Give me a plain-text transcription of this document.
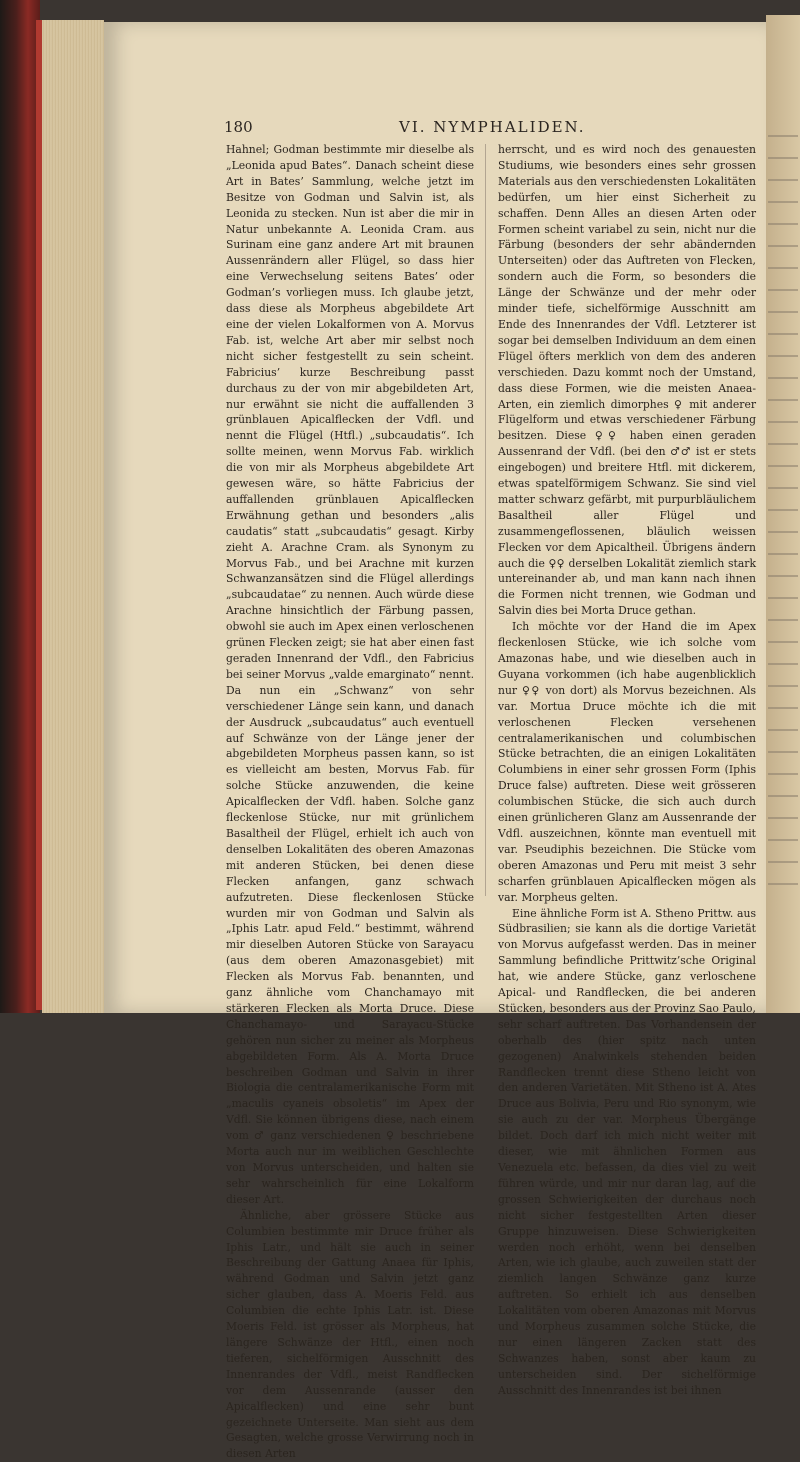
180	VI. NYMPHALIDEN.

Hahnel; Godman bestimmte mir dieselbe als „Leonida apud Bates“. Danach scheint diese Art in Bates’ Sammlung, welche jetzt im Besitze von Godman und Salvin ist, als Leonida zu stecken. Nun ist aber die mir in Natur unbekannte A. Leonida Cram. aus Surinam eine ganz andere Art mit braunen Aussenrändern aller Flügel, so dass hier eine Verwechselung seitens Bates’ oder Godman’s vorliegen muss. Ich glaube jetzt, dass diese als Morpheus abgebildete Art eine der vielen Lokalformen von A. Morvus Fab. ist, welche Art aber mir selbst noch nicht sicher festgestellt zu sein scheint. Fabricius’ kurze Beschreibung passt durchaus zu der von mir abgebildeten Art, nur erwähnt sie nicht die auffallenden 3 grünblauen Apicalflecken der Vdfl. und nennt die Flügel (Htfl.) „subcaudatis“. Ich sollte meinen, wenn Morvus Fab. wirklich die von mir als Morpheus abgebildete Art gewesen wäre, so hätte Fabricius der auffallenden grünblauen Apicalflecken Erwähnung gethan und besonders „alis caudatis“ statt „subcaudatis“ gesagt. Kirby zieht A. Arachne Cram. als Synonym zu Morvus Fab., und bei Arachne mit kurzen Schwanzansätzen sind die Flügel allerdings „subcaudatae“ zu nennen. Auch würde diese Arachne hinsichtlich der Färbung passen, obwohl sie auch im Apex einen verloschenen grünen Flecken zeigt; sie hat aber einen fast geraden Innenrand der Vdfl., den Fabricius bei seiner Morvus „valde emarginato“ nennt. Da nun ein „Schwanz“ von sehr verschiedener Länge sein kann, und danach der Ausdruck „subcaudatus“ auch eventuell auf Schwänze von der Länge jener der abgebildeten Morpheus passen kann, so ist es vielleicht am besten, Morvus Fab. für solche Stücke anzuwenden, die keine Apicalflecken der Vdfl. haben. Solche ganz fleckenlose Stücke, nur mit grünlichem Basaltheil der Flügel, erhielt ich auch von denselben Lokalitäten des oberen Amazonas mit anderen Stücken, bei denen diese Flecken anfangen, ganz schwach aufzutreten. Diese fleckenlosen Stücke wurden mir von Godman und Salvin als „Iphis Latr. apud Feld.“ bestimmt, während mir dieselben Autoren Stücke von Sarayacu (aus dem oberen Amazonasgebiet) mit Flecken als Morvus Fab. benannten, und ganz ähnliche vom Chanchamayo mit stärkeren Flecken als Morta Druce. Diese Chanchamayo- und Sarayacu-Stücke gehören nun sicher zu meiner als Morpheus abgebildeten Form. Als A. Morta Druce beschreiben Godman und Salvin in ihrer Biologia die centralamerikanische Form mit „maculis cyaneis obsoletis“ im Apex der Vdfl. Sie können übrigens diese, nach einem vom ♂ ganz verschiedenen ♀ beschriebene Morta auch nur im weiblichen Geschlechte von Morvus unterscheiden, und halten sie sehr wahrscheinlich für eine Lokalform dieser Art.

Ähnliche, aber grössere Stücke aus Columbien bestimmte mir Druce früher als Iphis Latr., und hält sie auch in seiner Beschreibung der Gattung Anaea für Iphis, während Godman und Salvin jetzt ganz sicher glauben, dass A. Moeris Feld. aus Columbien die echte Iphis Latr. ist. Diese Moeris Feld. ist grösser als Morpheus, hat längere Schwänze der Htfl., einen noch tieferen, sichelförmigen Ausschnitt des Innenrandes der Vdfl., meist Randflecken vor dem Aussenrande (ausser den Apicalflecken) und eine sehr bunt gezeichnete Unterseite. Man sieht aus dem Gesagten, welche grosse Verwirrung noch in diesen Arten

herrscht, und es wird noch des genauesten Studiums, wie besonders eines sehr grossen Materials aus den verschiedensten Lokalitäten bedürfen, um hier einst Sicherheit zu schaffen. Denn Alles an diesen Arten oder Formen scheint variabel zu sein, nicht nur die Färbung (besonders der sehr abändernden Unterseiten) oder das Auftreten von Flecken, sondern auch die Form, so besonders die Länge der Schwänze und der mehr oder minder tiefe, sichelförmige Ausschnitt am Ende des Innenrandes der Vdfl. Letzterer ist sogar bei demselben Individuum an dem einen Flügel öfters merklich von dem des anderen verschieden. Dazu kommt noch der Umstand, dass diese Formen, wie die meisten Anaea-Arten, ein ziemlich dimorphes ♀ mit anderer Flügelform und etwas verschiedener Färbung besitzen. Diese ♀♀ haben einen geraden Aussenrand der Vdfl. (bei den ♂♂ ist er stets eingebogen) und breitere Htfl. mit dickerem, etwas spatelförmigem Schwanz. Sie sind viel matter schwarz gefärbt, mit purpurbläulichem Basaltheil aller Flügel und zusammengeflossenen, bläulich weissen Flecken vor dem Apicaltheil. Übrigens ändern auch die ♀♀ derselben Lokalität ziemlich stark untereinander ab, und man kann nach ihnen die Formen nicht trennen, wie Godman und Salvin dies bei Morta Druce gethan.

Ich möchte vor der Hand die im Apex fleckenlosen Stücke, wie ich solche vom Amazonas habe, und wie dieselben auch in Guyana vorkommen (ich habe augenblicklich nur ♀♀ von dort) als Morvus bezeichnen. Als var. Mortua Druce möchte ich die mit verloschenen Flecken versehenen centralamerikanischen und columbischen Stücke betrachten, die an einigen Lokalitäten Columbiens in einer sehr grossen Form (Iphis Druce false) auftreten. Diese weit grösseren columbischen Stücke, die sich auch durch einen grünlicheren Glanz am Aussenrande der Vdfl. auszeichnen, könnte man eventuell mit var. Pseudiphis bezeichnen. Die Stücke vom oberen Amazonas und Peru mit meist 3 sehr scharfen grünblauen Apicalflecken mögen als var. Morpheus gelten.

Eine ähnliche Form ist A. Stheno Prittw. aus Südbrasilien; sie kann als die dortige Varietät von Morvus aufgefasst werden. Das in meiner Sammlung befindliche Prittwitz’sche Original hat, wie andere Stücke, ganz verloschene Apical- und Randflecken, die bei anderen Stücken, besonders aus der Provinz Sao Paulo, sehr scharf auftreten. Das Vorhandensein der oberhalb des (hier spitz nach unten gezogenen) Analwinkels stehenden beiden Randflecken trennt diese Stheno leicht von den anderen Varietäten. Mit Stheno ist A. Ates Druce aus Bolivia, Peru und Rio synonym, wie sie auch zu der var. Morpheus Übergänge bildet. Doch darf ich mich nicht weiter mit dieser, wie mit ähnlichen Formen aus Venezuela etc. befassen, da dies viel zu weit führen würde, und mir nur daran lag, auf die grossen Schwierigkeiten der durchaus noch nicht sicher festgestellten Arten dieser Gruppe hinzuweisen. Diese Schwierigkeiten werden noch erhöht, wenn bei denselben Arten, wie ich glaube, auch zuweilen statt der ziemlich langen Schwänze ganz kurze auftreten. So erhielt ich aus denselben Lokalitäten vom oberen Amazonas mit Morvus und Morpheus zusammen solche Stücke, die nur einen längeren Zacken statt des Schwanzes haben, sonst aber kaum zu unterscheiden sind. Der sichelförmige Ausschnitt des Innenrandes ist bei ihnen
